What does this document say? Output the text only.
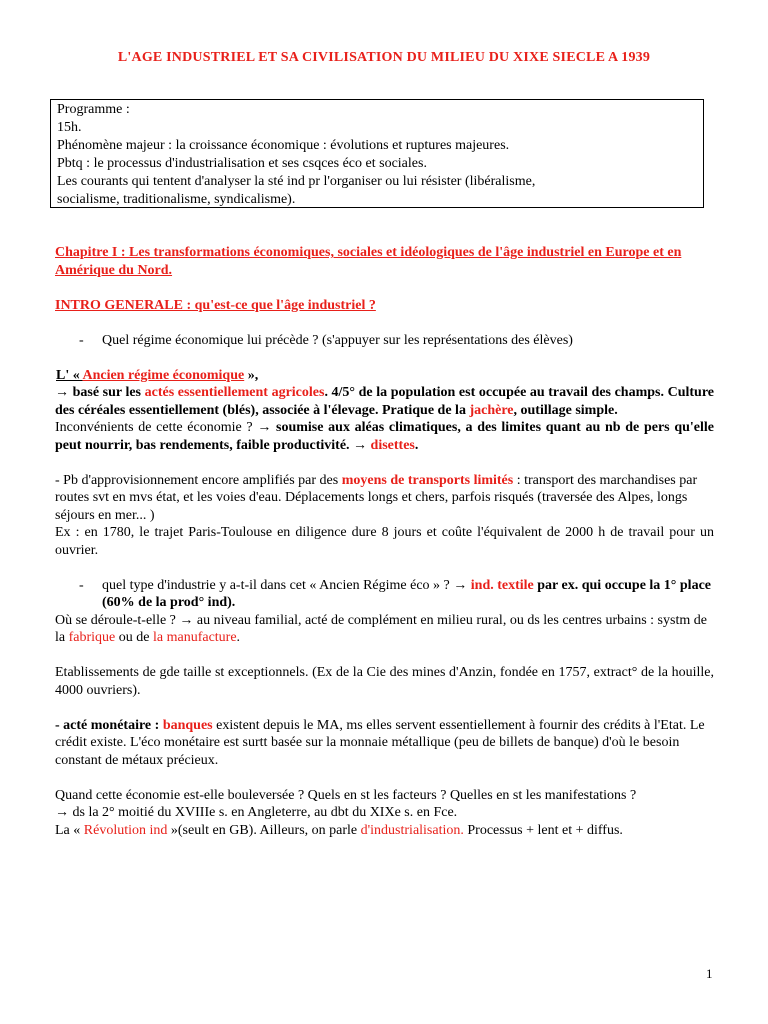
L'AGE INDUSTRIEL ET SA CIVILISATION DU MILIEU DU XIXE SIECLE A 1939
Programme :
15h.
Phénomène majeur : la croissance économique : évolutions et ruptures majeures.
Pbtq : le processus d'industrialisation et ses csqces éco et sociales.
Les courants qui tentent d'analyser la sté ind pr l'organiser ou lui résister (libéralisme,
socialisme, traditionalisme, syndicalisme).

Chapitre I : Les transformations économiques, sociales et idéologiques de l'âge industriel en Europe et en Amérique du Nord.

INTRO GENERALE : qu'est-ce que l'âge industriel ?

- Quel régime économique lui précède ? (s'appuyer sur les représentations des élèves)

L' « Ancien régime économique »,

→ basé sur les actés essentiellement agricoles. 4/5° de la population est occupée au travail des champs. Culture des céréales essentiellement (blés), associée à l'élevage. Pratique de la jachère, outillage simple.

Inconvénients de cette économie ? → soumise aux aléas climatiques, a des limites quant au nb de pers qu'elle peut nourrir, bas rendements, faible productivité. → disettes.

- Pb d'approvisionnement encore amplifiés par des moyens de transports limités : transport des marchandises par routes svt en mvs état, et les voies d'eau. Déplacements longs et chers, parfois risqués (traversée des Alpes, longs séjours en mer... )

Ex : en 1780, le trajet Paris-Toulouse en diligence dure 8 jours et coûte l'équivalent de 2000 h de travail pour un ouvrier.

- quel type d'industrie y a-t-il dans cet « Ancien Régime éco » ? → ind. textile par ex. qui occupe la 1° place (60% de la prod° ind).

Où se déroule-t-elle ? → au niveau familial, acté de complément en milieu rural, ou ds les centres urbains : systm de la fabrique ou de la manufacture.

Etablissements de gde taille st exceptionnels. (Ex de la Cie des mines d'Anzin, fondée en 1757, extract° de la houille, 4000 ouvriers).

- acté monétaire : banques existent depuis le MA, ms elles servent essentiellement à fournir des crédits à l'Etat. Le crédit existe. L'éco monétaire est surtt basée sur la monnaie métallique (peu de billets de banque) d'où le besoin constant de métaux précieux.

Quand cette économie est-elle bouleversée ? Quels en st les facteurs ? Quelles en st les manifestations ?

→ ds la 2° moitié du XVIIIe s. en Angleterre, au dbt du XIXe s. en Fce.

La « Révolution ind »(seult en GB). Ailleurs, on parle d'industrialisation. Processus + lent et + diffus.

1
